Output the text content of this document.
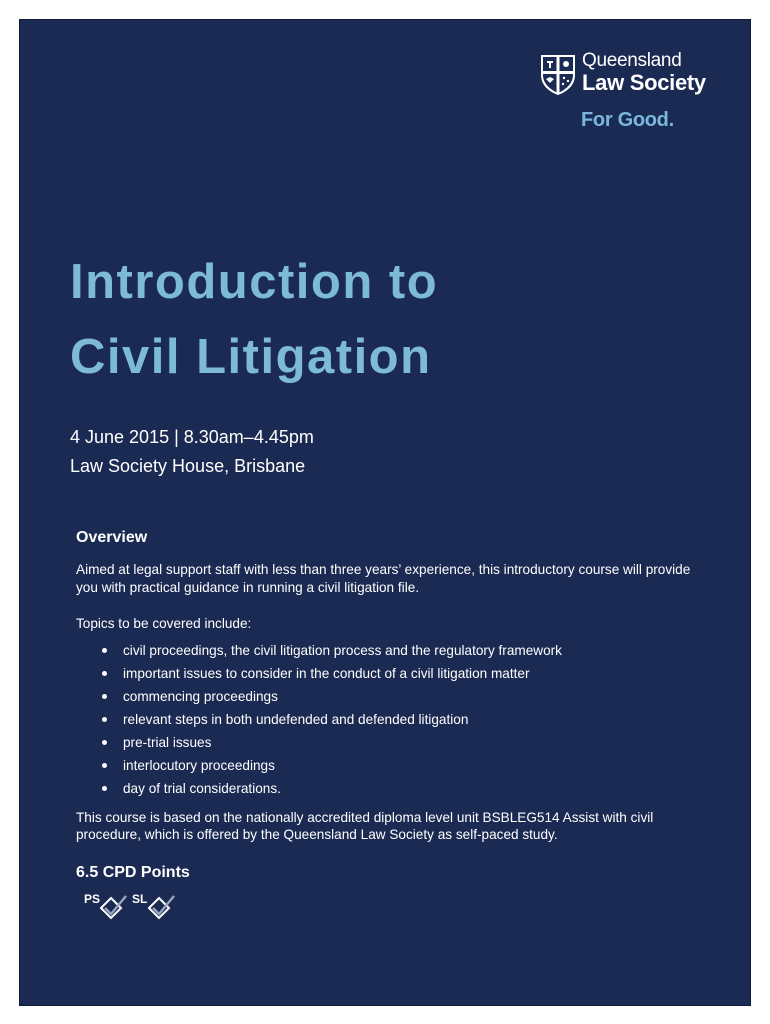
Queensland
Law Society
For Good.
Introduction to
Civil Litigation
4 June 2015 | 8.30am–4.45pm
Law Society House, Brisbane
Overview

Aimed at legal support staff with less than three years’ experience, this introductory course will provide you with practical guidance in running a civil litigation file.

Topics to be covered include:

civil proceedings, the civil litigation process and the regulatory framework
important issues to consider in the conduct of a civil litigation matter
commencing proceedings
relevant steps in both undefended and defended litigation
pre-trial issues
interlocutory proceedings
day of trial considerations.

This course is based on the nationally accredited diploma level unit BSBLEG514 Assist with civil procedure, which is offered by the Queensland Law Society as self-paced study.

6.5 CPD Points
PS	SL
